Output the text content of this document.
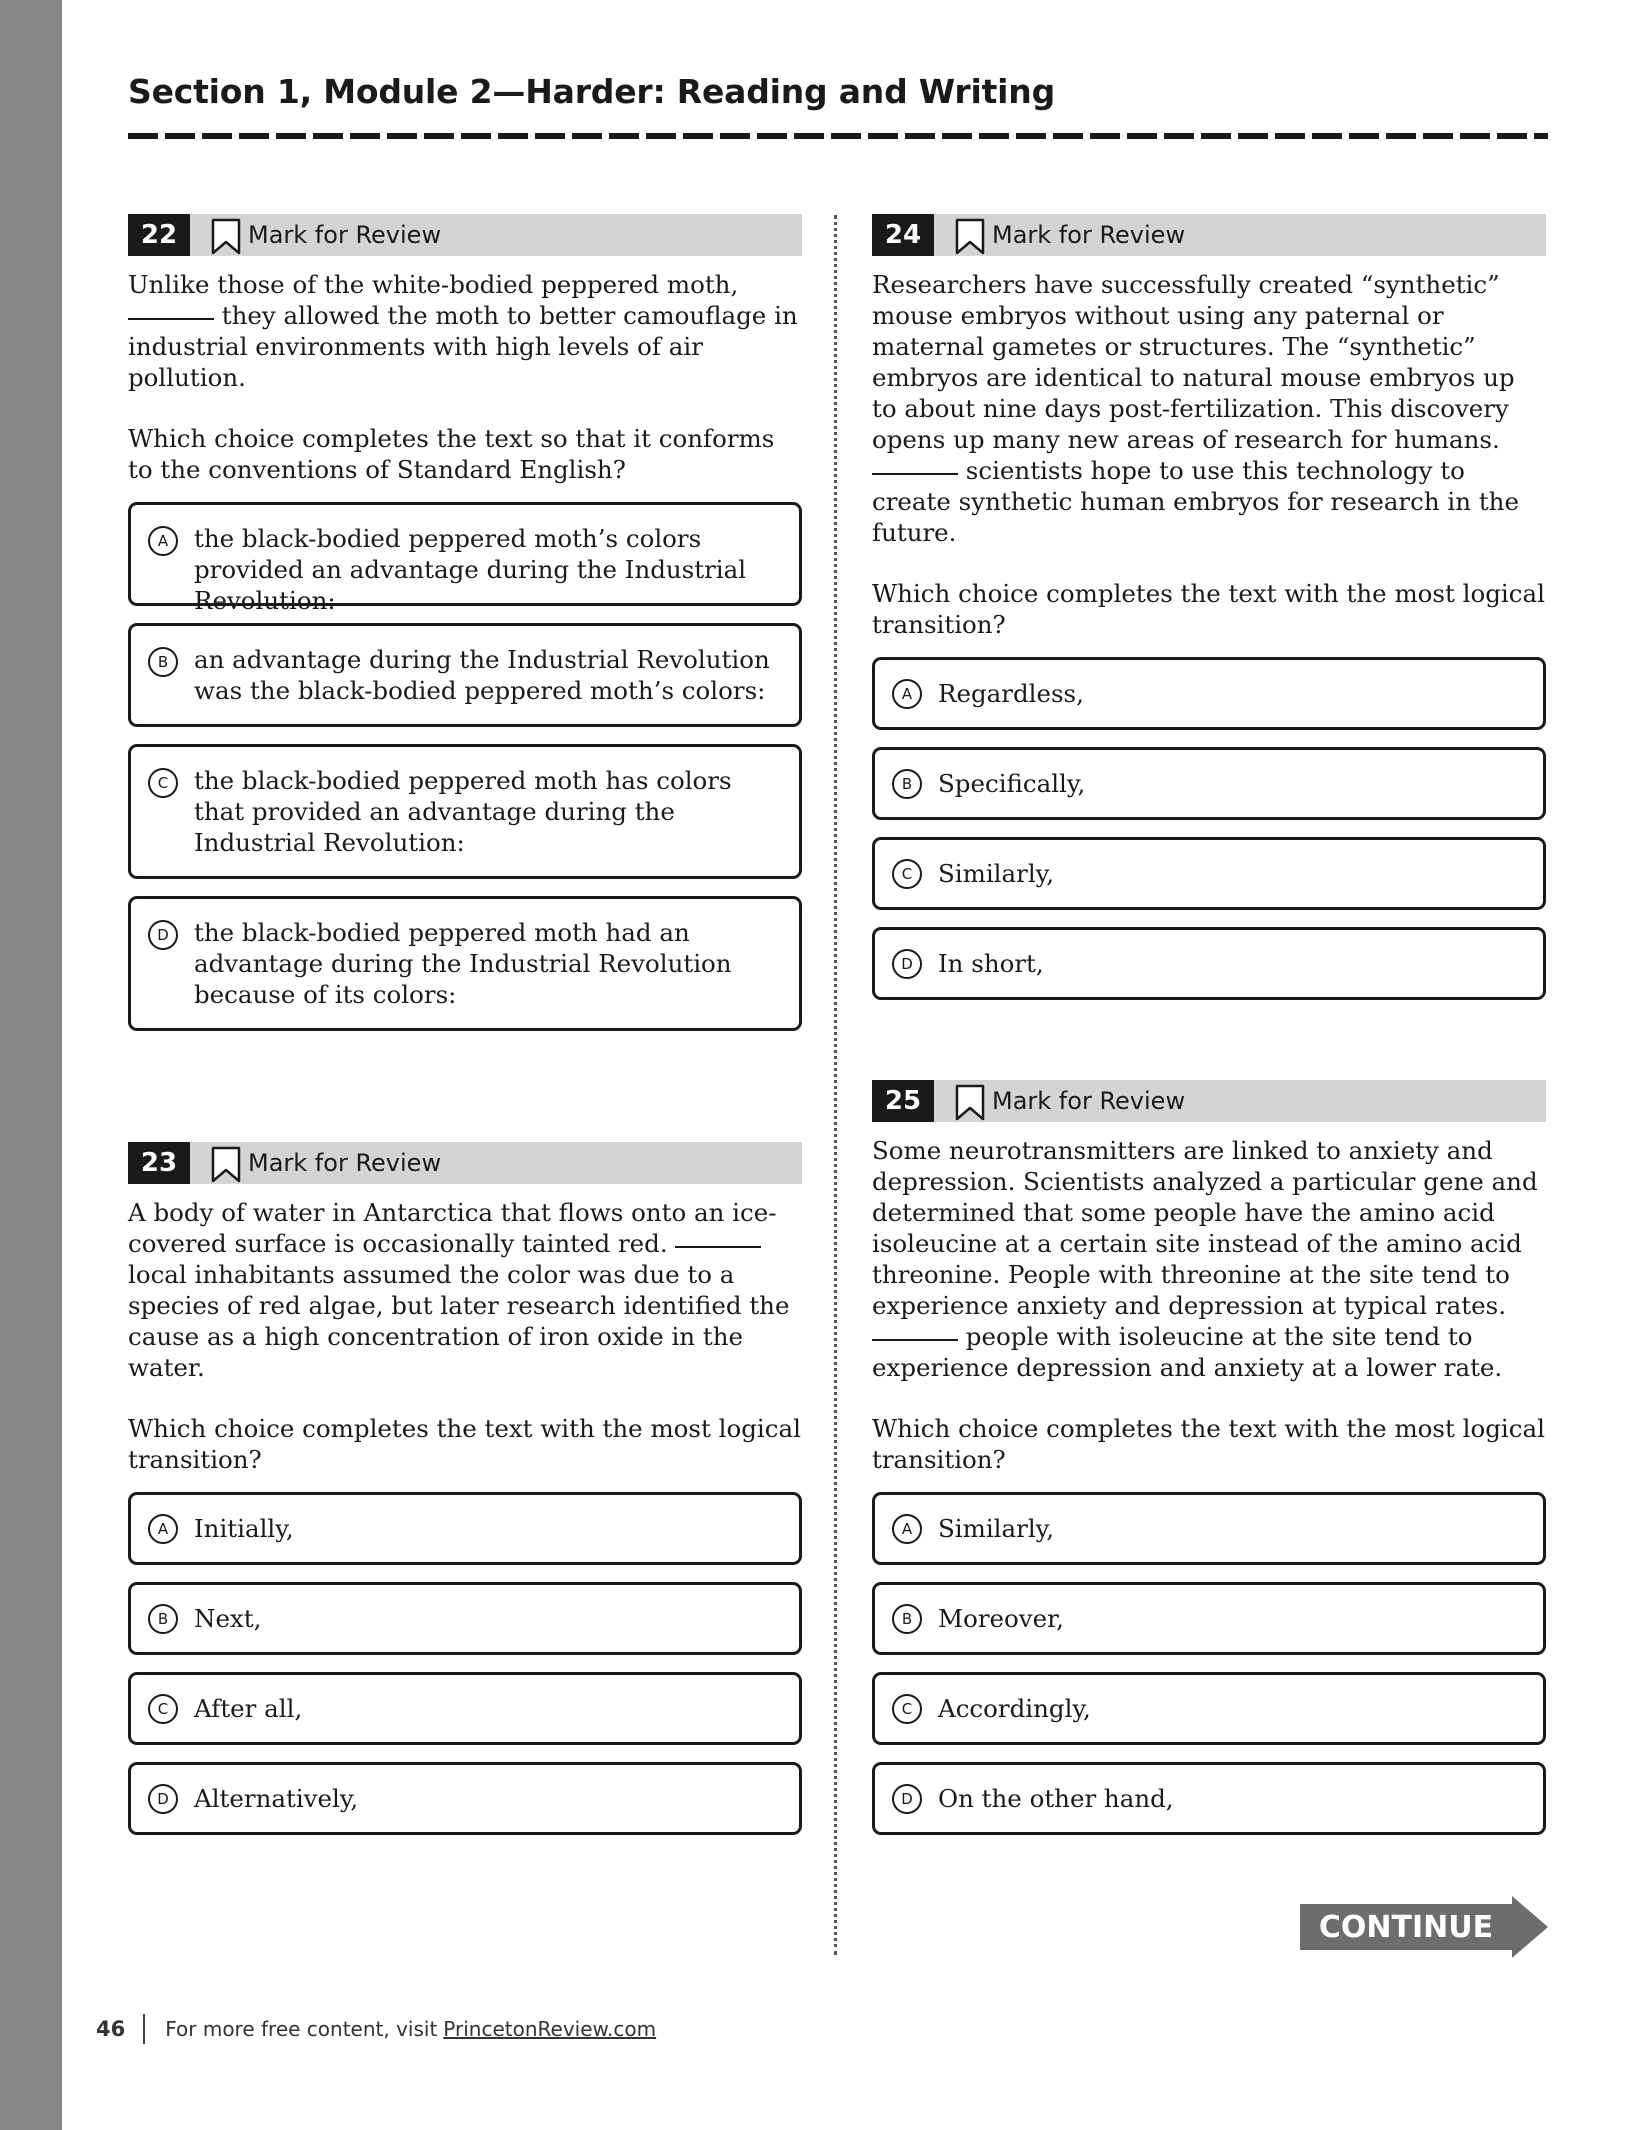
Section 1, Module 2—Harder: Reading and Writing
22	Mark for Review

Unlike those of the white-bodied peppered moth,
they allowed the moth to better camouflage in industrial environments with high levels of air pollution.

Which choice completes the text so that it conforms to the conventions of Standard English?

A	the black-bodied peppered moth’s colors provided an advantage during the Industrial Revolution:
B	an advantage during the Industrial Revolution was the black-bodied peppered moth’s colors:
C	the black-bodied peppered moth has colors that provided an advantage during the Industrial Revolution:
D	the black-bodied peppered moth had an advantage during the Industrial Revolution because of its colors:
23	Mark for Review

A body of water in Antarctica that flows onto an ice-covered surface is occasionally tainted red.  local inhabitants assumed the color was due to a species of red algae, but later research identified the cause as a high concentration of iron oxide in the water.

Which choice completes the text with the most logical transition?

A	Initially,
B	Next,
C	After all,
D	Alternatively,
24	Mark for Review

Researchers have successfully created “synthetic” mouse embryos without using any paternal or maternal gametes or structures. The “synthetic” embryos are identical to natural mouse embryos up to about nine days post-fertilization. This discovery opens up many new areas of research for humans.  scientists hope to use this technology to create synthetic human embryos for research in the future.

Which choice completes the text with the most logical transition?

A	Regardless,
B	Specifically,
C	Similarly,
D	In short,
25	Mark for Review

Some neurotransmitters are linked to anxiety and depression. Scientists analyzed a particular gene and determined that some people have the amino acid isoleucine at a certain site instead of the amino acid threonine. People with threonine at the site tend to experience anxiety and depression at typical rates.  people with isoleucine at the site tend to experience depression and anxiety at a lower rate.

Which choice completes the text with the most logical transition?

A	Similarly,
B	Moreover,
C	Accordingly,
D	On the other hand,
CONTINUE
46 For more free content, visit PrincetonReview.com
